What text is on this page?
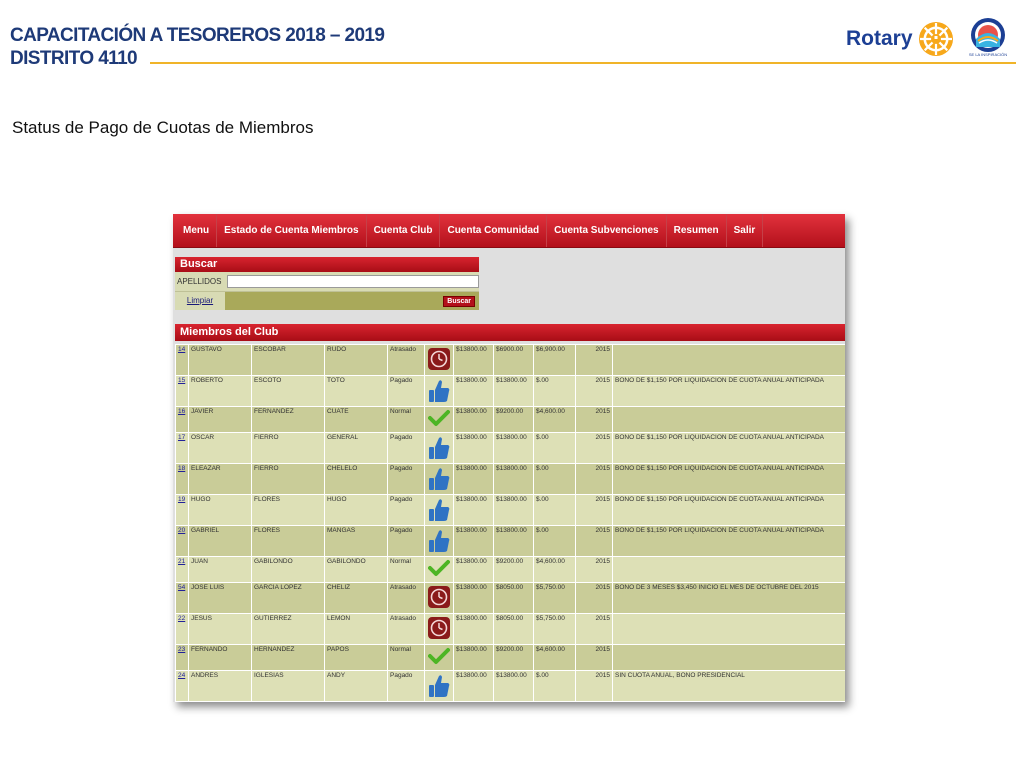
CAPACITACIÓN A TESOREROS 2018 – 2019
DISTRITO 4110
Rotary
SE LA INSPIRACIÓN
Status de Pago de Cuotas de Miembros
Menu	Estado de Cuenta Miembros	Cuenta Club	Cuenta Comunidad	Cuenta Subvenciones	Resumen	Salir
Buscar
APELLIDOS
Limpiar	Buscar
Miembros del Club
14	GUSTAVO	ESCOBAR	RUDO	Atrasado		$13800.00	$6900.00	$6,900.00	2015	
15	ROBERTO	ESCOTO	TOTO	Pagado		$13800.00	$13800.00	$.00	2015	BONO DE $1,150 POR LIQUIDACION DE CUOTA ANUAL ANTICIPADA
16	JAVIER	FERNANDEZ	CUATE	Normal		$13800.00	$9200.00	$4,600.00	2015	
17	OSCAR	FIERRO	GENERAL	Pagado		$13800.00	$13800.00	$.00	2015	BONO DE $1,150 POR LIQUIDACION DE CUOTA ANUAL ANTICIPADA
18	ELEAZAR	FIERRO	CHELELO	Pagado		$13800.00	$13800.00	$.00	2015	BONO DE $1,150 POR LIQUIDACION DE CUOTA ANUAL ANTICIPADA
19	HUGO	FLORES	HUGO	Pagado		$13800.00	$13800.00	$.00	2015	BONO DE $1,150 POR LIQUIDACION DE CUOTA ANUAL ANTICIPADA
20	GABRIEL	FLORES	MANGAS	Pagado		$13800.00	$13800.00	$.00	2015	BONO DE $1,150 POR LIQUIDACION DE CUOTA ANUAL ANTICIPADA
21	JUAN	GABILONDO	GABILONDO	Normal		$13800.00	$9200.00	$4,600.00	2015	
54	JOSE LUIS	GARCIA LOPEZ	CHELIZ	Atrasado		$13800.00	$8050.00	$5,750.00	2015	BONO DE 3 MESES $3,450 INICIO EL MES DE OCTUBRE DEL 2015
22	JESUS	GUTIERREZ	LEMON	Atrasado		$13800.00	$8050.00	$5,750.00	2015	
23	FERNANDO	HERNANDEZ	PAPOS	Normal		$13800.00	$9200.00	$4,600.00	2015	
24	ANDRES	IGLESIAS	ANDY	Pagado		$13800.00	$13800.00	$.00	2015	SIN CUOTA ANUAL, BONO PRESIDENCIAL
